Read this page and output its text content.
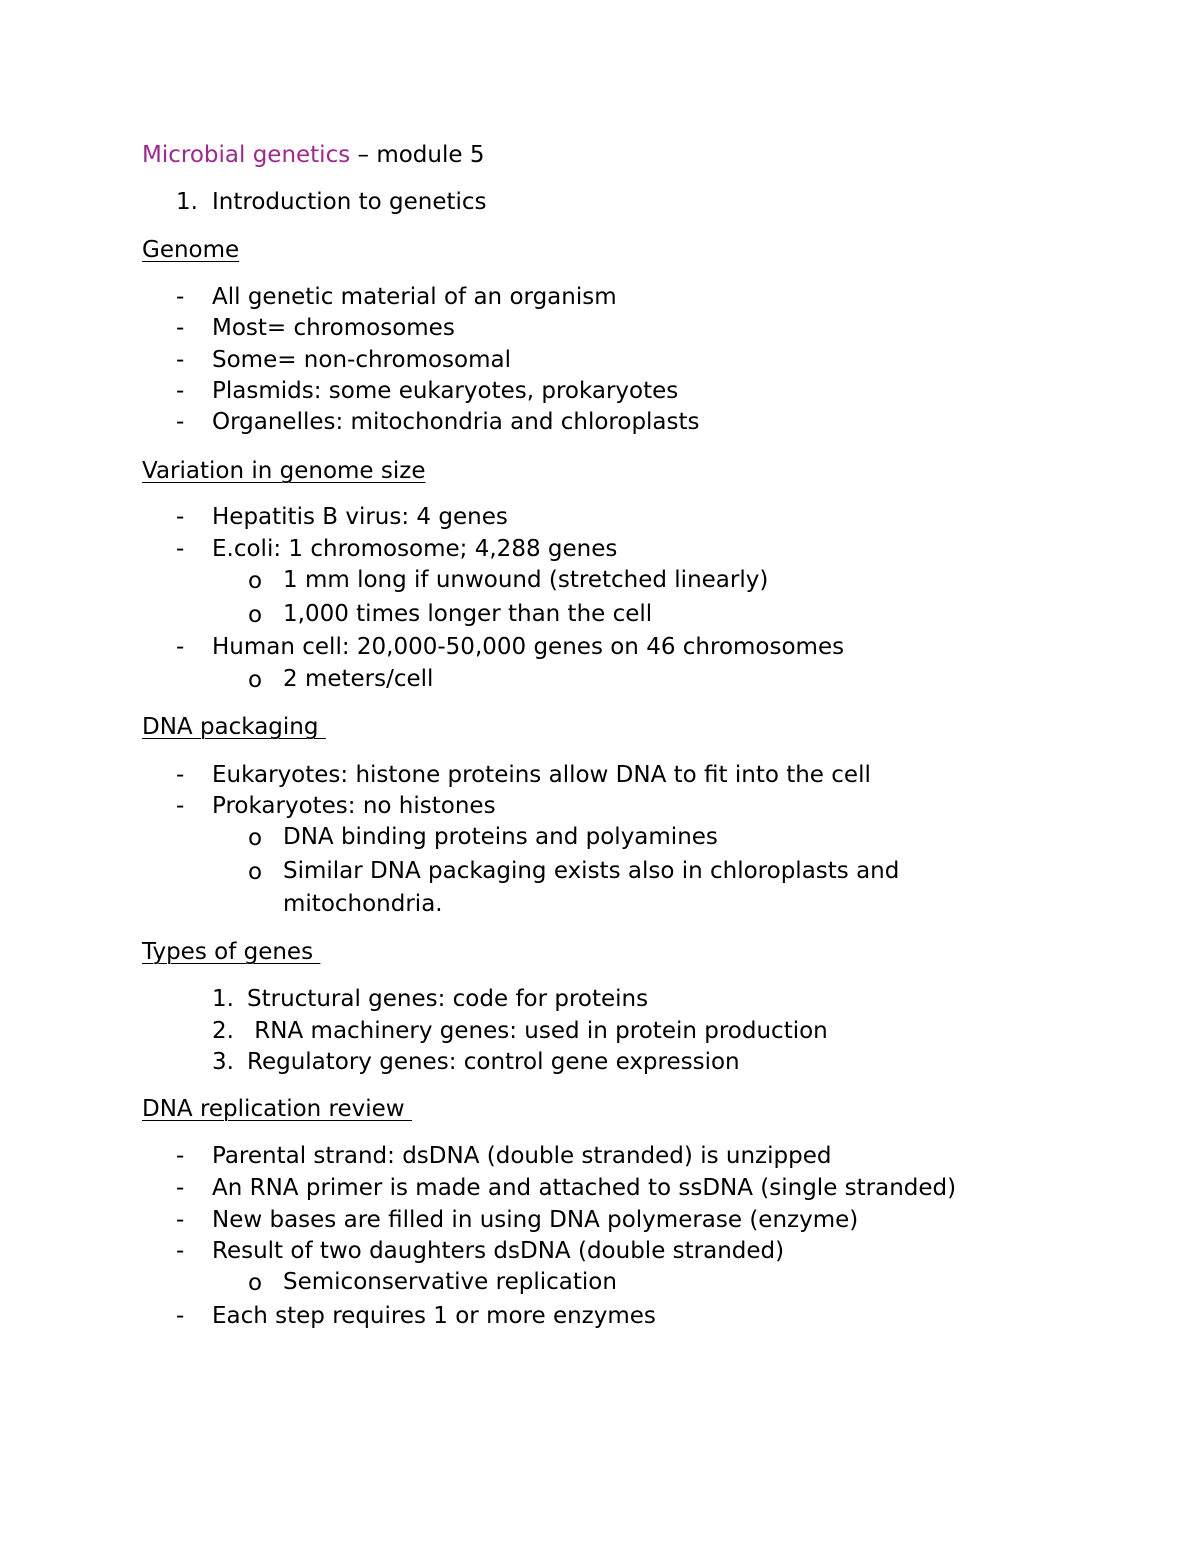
Microbial genetics – module 5
1. Introduction to genetics
Genome
- All genetic material of an organism
- Most= chromosomes
- Some= non-chromosomal
- Plasmids: some eukaryotes, prokaryotes
- Organelles: mitochondria and chloroplasts
Variation in genome size
- Hepatitis B virus: 4 genes
- E.coli: 1 chromosome; 4,288 genes
o 1 mm long if unwound (stretched linearly)
o 1,000 times longer than the cell
- Human cell: 20,000-50,000 genes on 46 chromosomes
o 2 meters/cell
DNA packaging
- Eukaryotes: histone proteins allow DNA to fit into the cell
- Prokaryotes: no histones
o DNA binding proteins and polyamines
o Similar DNA packaging exists also in chloroplasts and
mitochondria.
Types of genes
1. Structural genes: code for proteins
2. RNA machinery genes: used in protein production
3. Regulatory genes: control gene expression
DNA replication review
- Parental strand: dsDNA (double stranded) is unzipped
- An RNA primer is made and attached to ssDNA (single stranded)
- New bases are filled in using DNA polymerase (enzyme)
- Result of two daughters dsDNA (double stranded)
o Semiconservative replication
- Each step requires 1 or more enzymes
